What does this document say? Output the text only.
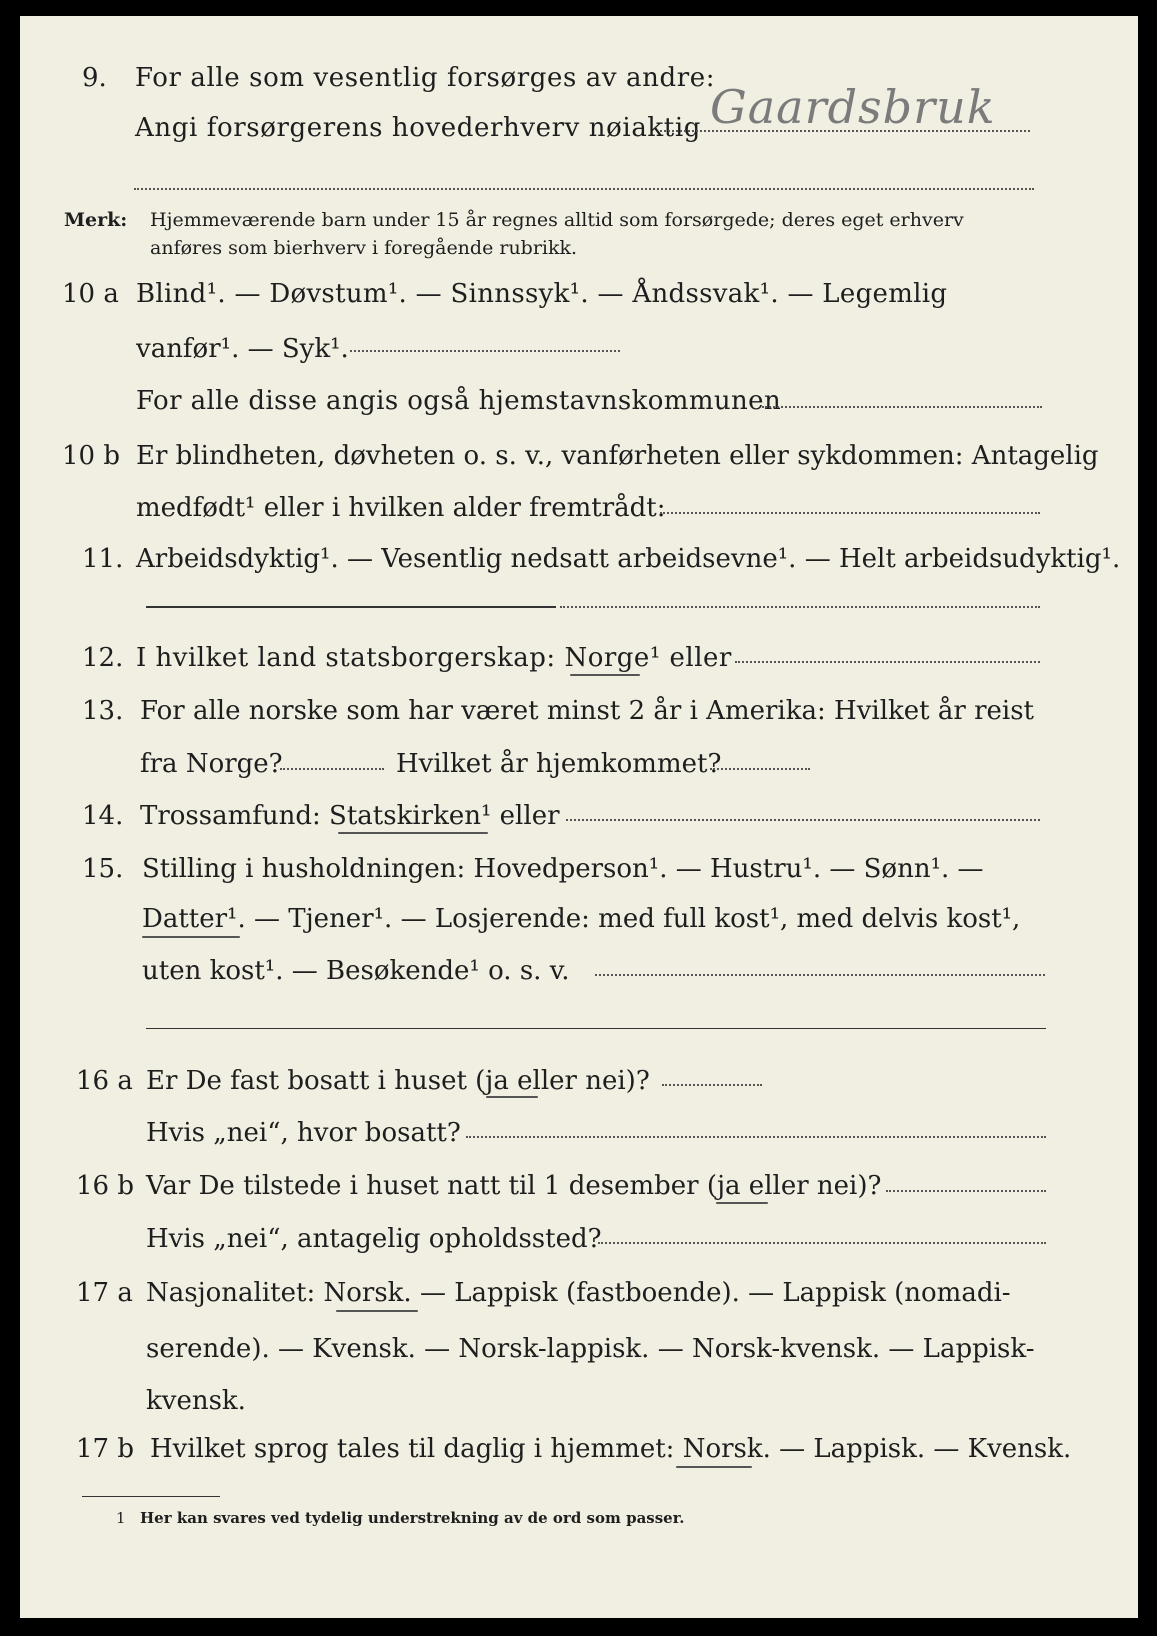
9. For alle som vesentlig forsørges av andre:
Angi forsørgerens hovederhverv nøiaktig Gaardsbruk
Merk: Hjemmeværende barn under 15 år regnes alltid som forsørgede; deres eget erhverv
anføres som bierhverv i foregående rubrikk.
10 a Blind¹. — Døvstum¹. — Sinnssyk¹. — Åndssvak¹. — Legemlig
vanfør¹. — Syk¹.
For alle disse angis også hjemstavnskommunen
10 b Er blindheten, døvheten o. s. v., vanførheten eller sykdommen: Antagelig
medfødt¹ eller i hvilken alder fremtrådt:
11. Arbeidsdyktig¹. — Vesentlig nedsatt arbeidsevne¹. — Helt arbeidsudyktig¹.
12. I hvilket land statsborgerskap: Norge¹ eller
13. For alle norske som har været minst 2 år i Amerika: Hvilket år reist
fra Norge?	Hvilket år hjemkommet?
14. Trossamfund: Statskirken¹ eller
15. Stilling i husholdningen: Hovedperson¹. — Hustru¹. — Sønn¹. —
Datter¹. — Tjener¹. — Losjerende: med full kost¹, med delvis kost¹,
uten kost¹. — Besøkende¹ o. s. v.
16 a Er De fast bosatt i huset (ja eller nei)?
Hvis „nei“, hvor bosatt?
16 b Var De tilstede i huset natt til 1 desember (ja eller nei)?
Hvis „nei“, antagelig opholdssted?
17 a Nasjonalitet: Norsk. — Lappisk (fastboende). — Lappisk (nomadi-
serende). — Kvensk. — Norsk-lappisk. — Norsk-kvensk. — Lappisk-
kvensk.
17 b Hvilket sprog tales til daglig i hjemmet: Norsk. — Lappisk. — Kvensk.
1 Her kan svares ved tydelig understrekning av de ord som passer.
